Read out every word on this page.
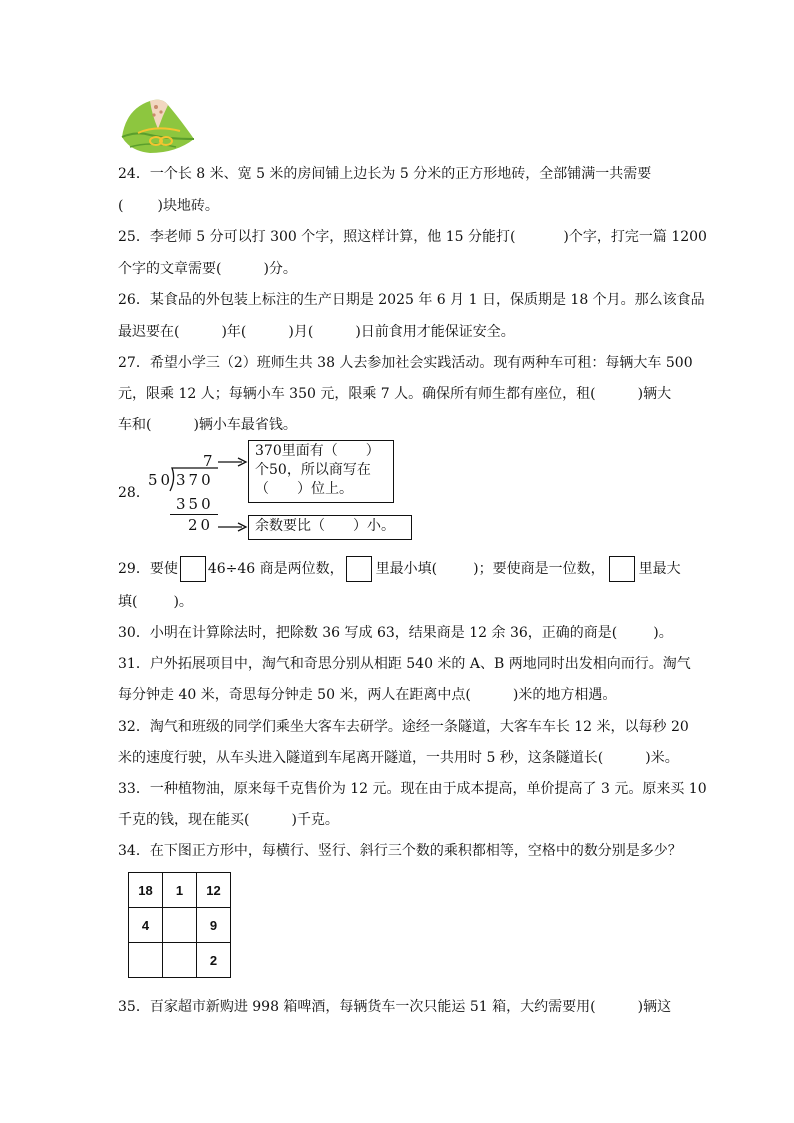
24．一个长 8 米、宽 5 米的房间铺上边长为 5 分米的正方形地砖，全部铺满一共需要
( )块地砖。
25．李老师 5 分可以打 300 个字，照这样计算，他 15 分能打(	)个字，打完一篇 1200
个字的文章需要(	)分。
26．某食品的外包装上标注的生产日期是 2025 年 6 月 1 日，保质期是 18 个月。那么该食品
最迟要在(	)年(	)月(	)日前食用才能保证安全。
27．希望小学三（2）班师生共 38 人去参加社会实践活动。现有两种车可租：每辆大车 500
元，限乘 12 人；每辆小车 350 元，限乘 7 人。确保所有师生都有座位，租(	)辆大
车和(	)辆小车最省钱。
28．
7
50 370
350
20
370里面有（　　）
个50，所以商写在
（　　）位上。
余数要比（　　）小。
29．要使 46÷46 商是两位数， 里最小填(	)；要使商是一位数， 里最大
填(	)。
30．小明在计算除法时，把除数 36 写成 63，结果商是 12 余 36，正确的商是(	)。
31．户外拓展项目中，淘气和奇思分别从相距 540 米的 A、B 两地同时出发相向而行。淘气
每分钟走 40 米，奇思每分钟走 50 米，两人在距离中点(	)米的地方相遇。
32．淘气和班级的同学们乘坐大客车去研学。途经一条隧道，大客车车长 12 米，以每秒 20
米的速度行驶，从车头进入隧道到车尾离开隧道，一共用时 5 秒，这条隧道长(	)米。
33．一种植物油，原来每千克售价为 12 元。现在由于成本提高，单价提高了 3 元。原来买 10
千克的钱，现在能买(	)千克。
34．在下图正方形中，每横行、竖行、斜行三个数的乘积都相等，空格中的数分别是多少？
18	1	12
4		9
		2
35．百家超市新购进 998 箱啤酒，每辆货车一次只能运 51 箱，大约需要用(	)辆这
